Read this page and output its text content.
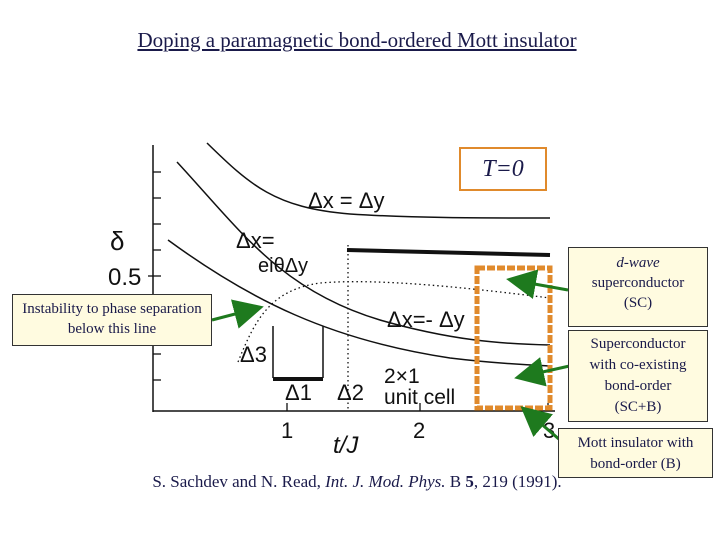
Doping a paramagnetic bond-ordered Mott insulator
δ
0.5
1	2	3
t/J
Δx = Δy
Δx=
eiθΔy
Δx=- Δy
Δ3
Δ1 Δ2
2×1
unit cell
T=0
Instability to phase separation below this line
d-wave
superconductor
(SC)
Superconductor
with co-existing
bond-order
(SC+B)
Mott insulator with
bond-order (B)
S. Sachdev and N. Read, Int. J. Mod. Phys. B 5, 219 (1991).
